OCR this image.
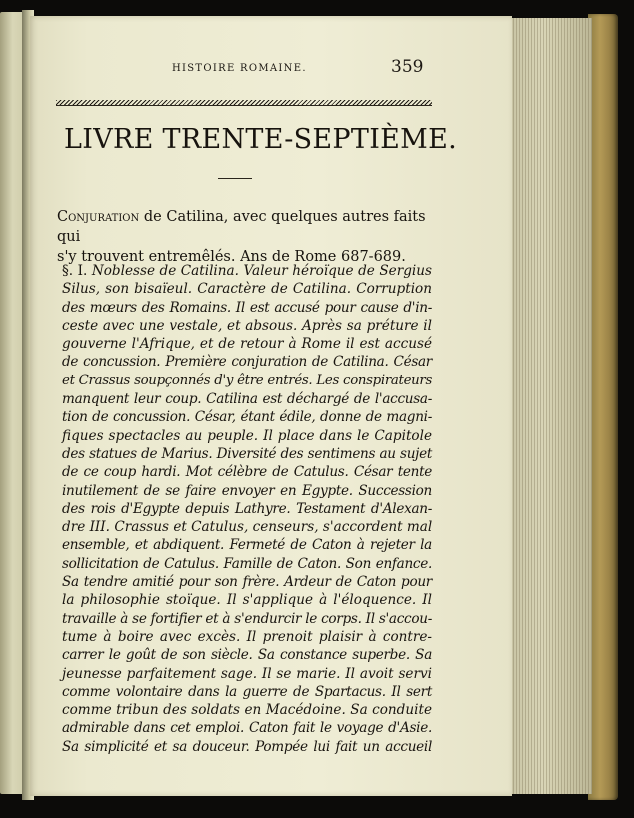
HISTOIRE ROMAINE.	359
LIVRE TRENTE-SEPTIÈME.
Conjuration de Catilina, avec quelques autres faits qui
s'y trouvent entremêlés. Ans de Rome 687-689.
§. I. Noblesse de Catilina. Valeur héroïque de Sergius
Silus, son bisaïeul. Caractère de Catilina. Corruption
des mœurs des Romains. Il est accusé pour cause d'in-
ceste avec une vestale, et absous. Après sa préture il
gouverne l'Afrique, et de retour à Rome il est accusé
de concussion. Première conjuration de Catilina. César
et Crassus soupçonnés d'y être entrés. Les conspirateurs
manquent leur coup. Catilina est déchargé de l'accusa-
tion de concussion. César, étant édile, donne de magni-
fiques spectacles au peuple. Il place dans le Capitole
des statues de Marius. Diversité des sentimens au sujet
de ce coup hardi. Mot célèbre de Catulus. César tente
inutilement de se faire envoyer en Egypte. Succession
des rois d'Egypte depuis Lathyre. Testament d'Alexan-
dre III. Crassus et Catulus, censeurs, s'accordent mal
ensemble, et abdiquent. Fermeté de Caton à rejeter la
sollicitation de Catulus. Famille de Caton. Son enfance.
Sa tendre amitié pour son frère. Ardeur de Caton pour
la philosophie stoïque. Il s'applique à l'éloquence. Il
travaille à se fortifier et à s'endurcir le corps. Il s'accou-
tume à boire avec excès. Il prenoit plaisir à contre-
carrer le goût de son siècle. Sa constance superbe. Sa
jeunesse parfaitement sage. Il se marie. Il avoit servi
comme volontaire dans la guerre de Spartacus. Il sert
comme tribun des soldats en Macédoine. Sa conduite
admirable dans cet emploi. Caton fait le voyage d'Asie.
Sa simplicité et sa douceur. Pompée lui fait un accueil
